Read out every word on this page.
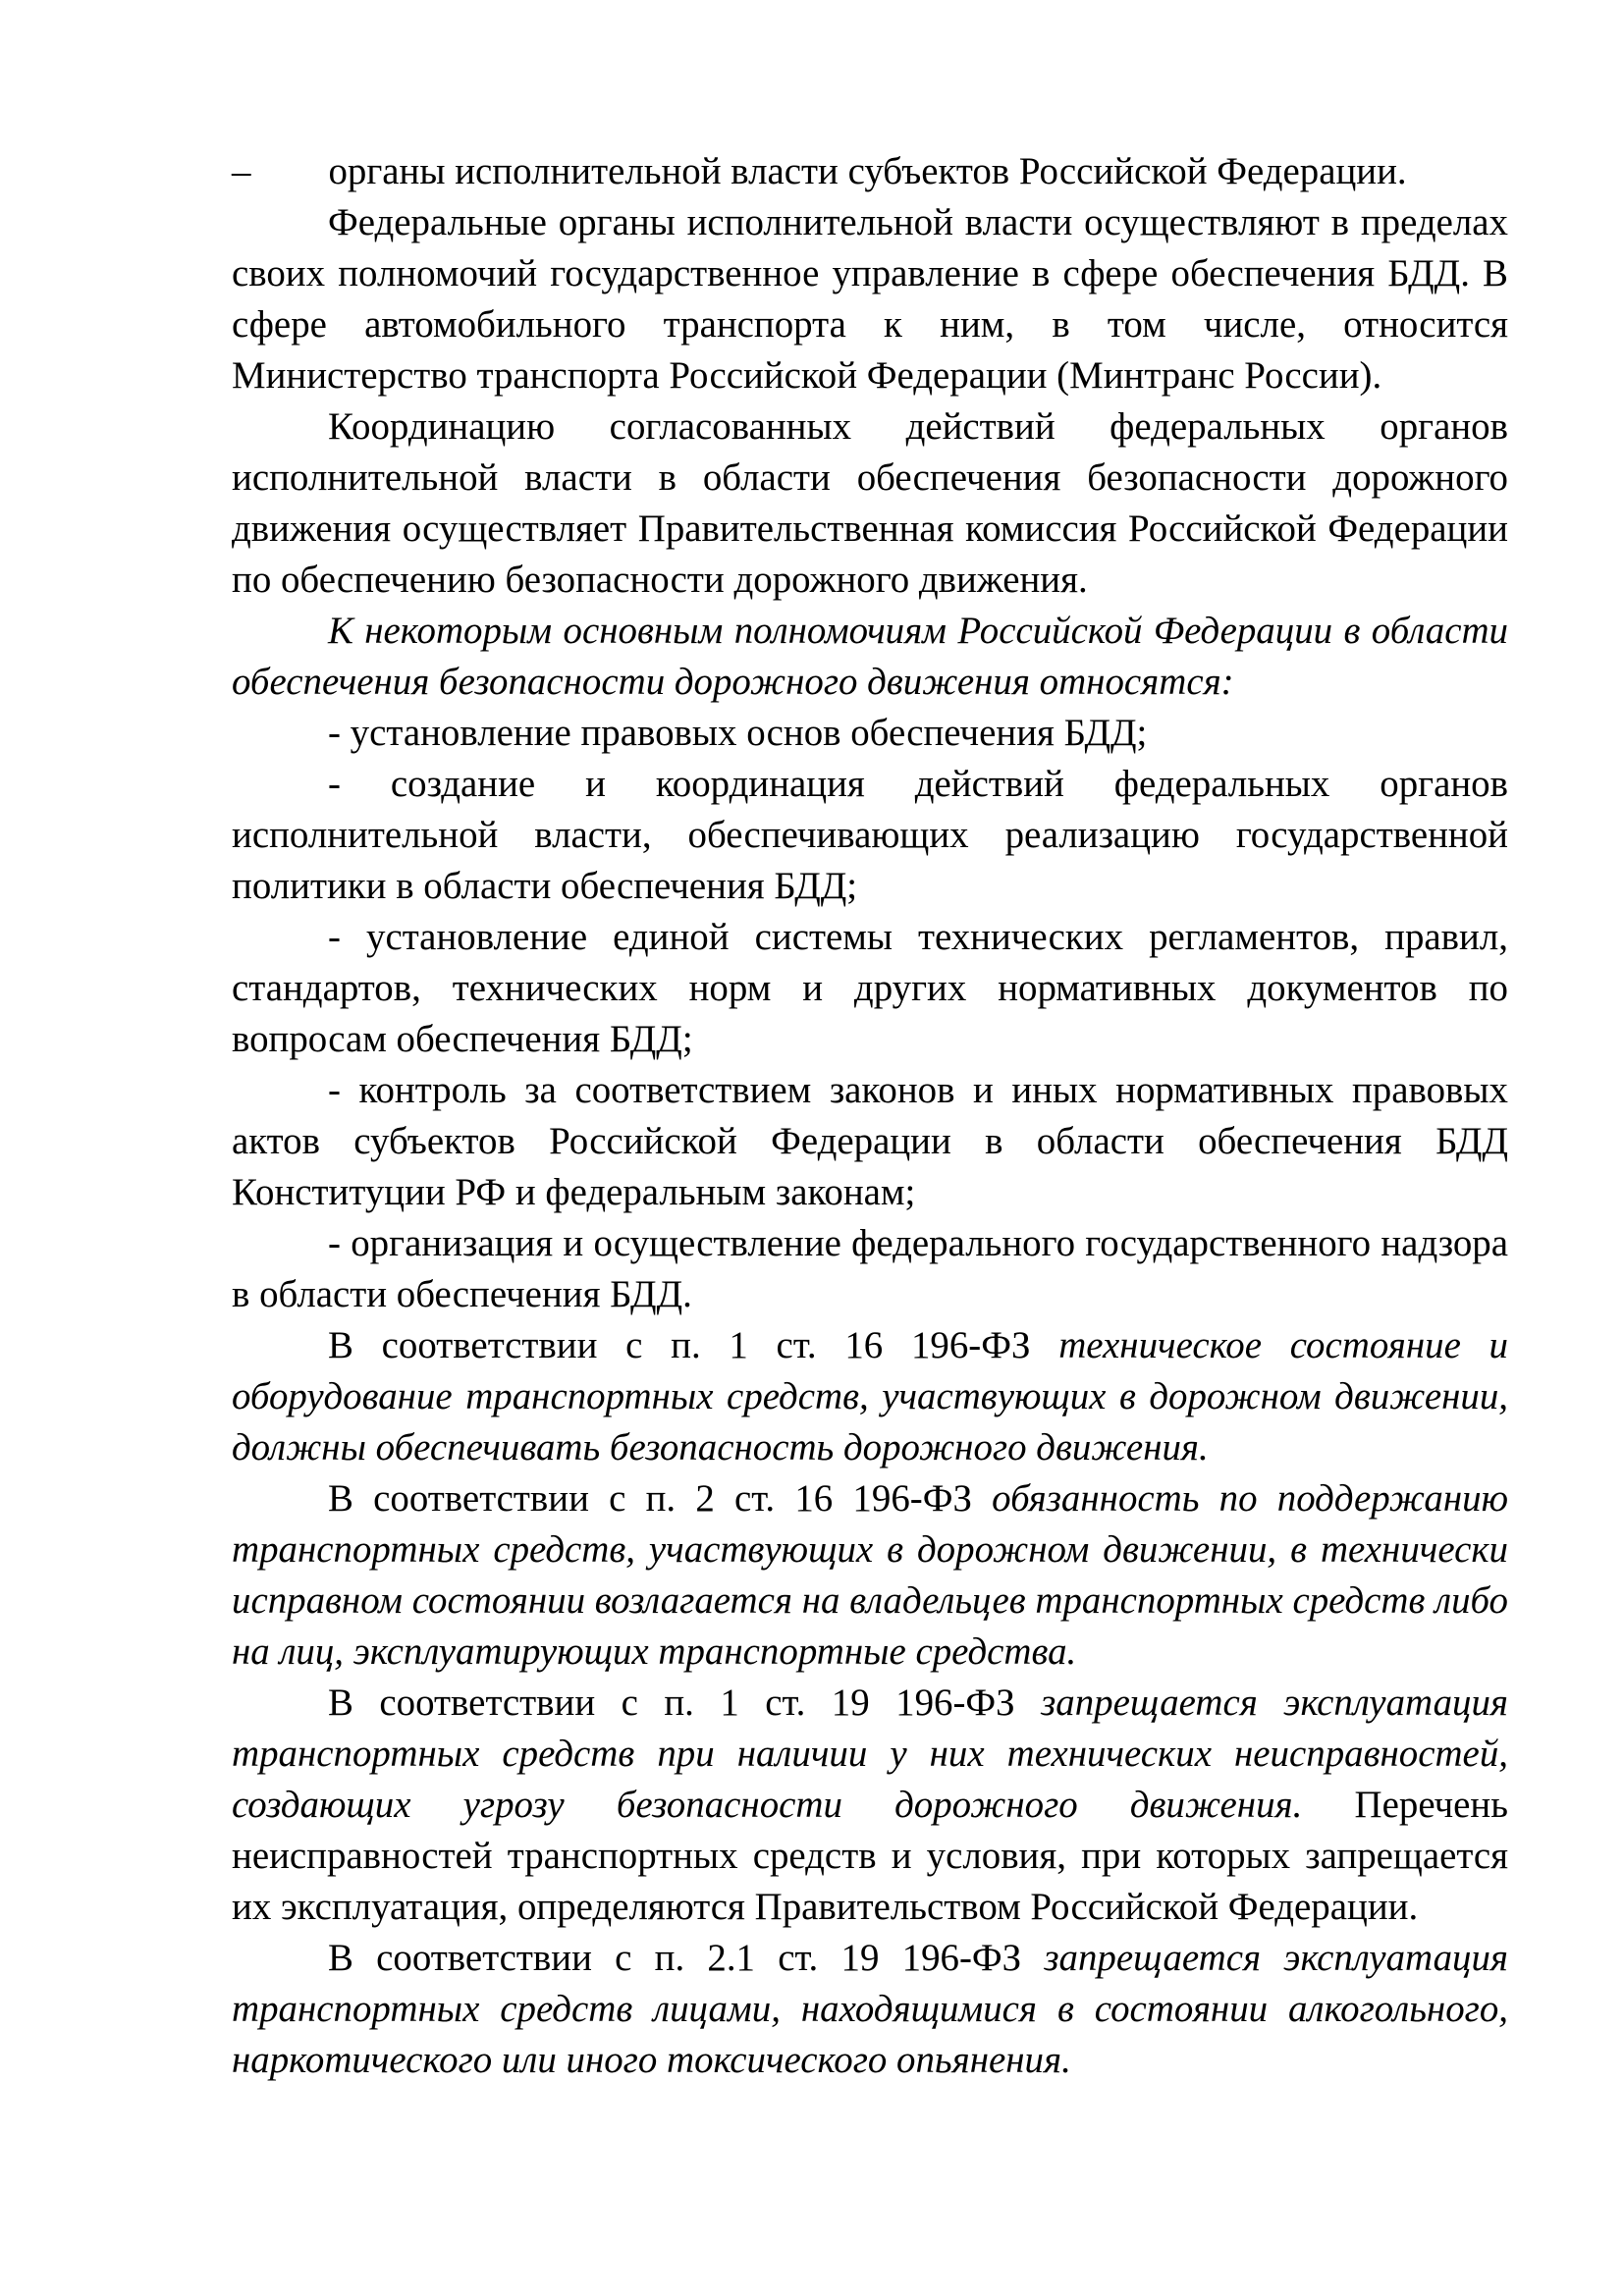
– органы исполнительной власти субъектов Российской Федерации.

Федеральные органы исполнительной власти осуществляют в пределах своих полномочий государственное управление в сфере обеспечения БДД. В сфере автомобильного транспорта к ним, в том числе, относится Министерство транспорта Российской Федерации (Минтранс России).

Координацию согласованных действий федеральных органов исполнительной власти в области обеспечения безопасности дорожного движения осуществляет Правительственная комиссия Российской Федерации по обеспечению безопасности дорожного движения.

К некоторым основным полномочиям Российской Федерации в области обеспечения безопасности дорожного движения относятся:

- установление правовых основ обеспечения БДД;

- создание и координация действий федеральных органов исполнительной власти, обеспечивающих реализацию государственной политики в области обеспечения БДД;

- установление единой системы технических регламентов, правил, стандартов, технических норм и других нормативных документов по вопросам обеспечения БДД;

- контроль за соответствием законов и иных нормативных правовых актов субъектов Российской Федерации в области обеспечения БДД Конституции РФ и федеральным законам;

- организация и осуществление федерального государственного надзора в области обеспечения БДД.

В соответствии с п. 1 ст. 16 196-ФЗ техническое состояние и оборудование транспортных средств, участвующих в дорожном движении, должны обеспечивать безопасность дорожного движения.

В соответствии с п. 2 ст. 16 196-ФЗ обязанность по поддержанию транспортных средств, участвующих в дорожном движении, в технически исправном состоянии возлагается на владельцев транспортных средств либо на лиц, эксплуатирующих транспортные средства.

В соответствии с п. 1 ст. 19 196-ФЗ запрещается эксплуатация транспортных средств при наличии у них технических неисправностей, создающих угрозу безопасности дорожного движения. Перечень неисправностей транспортных средств и условия, при которых запрещается их эксплуатация, определяются Правительством Российской Федерации.

В соответствии с п. 2.1 ст. 19 196-ФЗ запрещается эксплуатация транспортных средств лицами, находящимися в состоянии алкогольного, наркотического или иного токсического опьянения.
